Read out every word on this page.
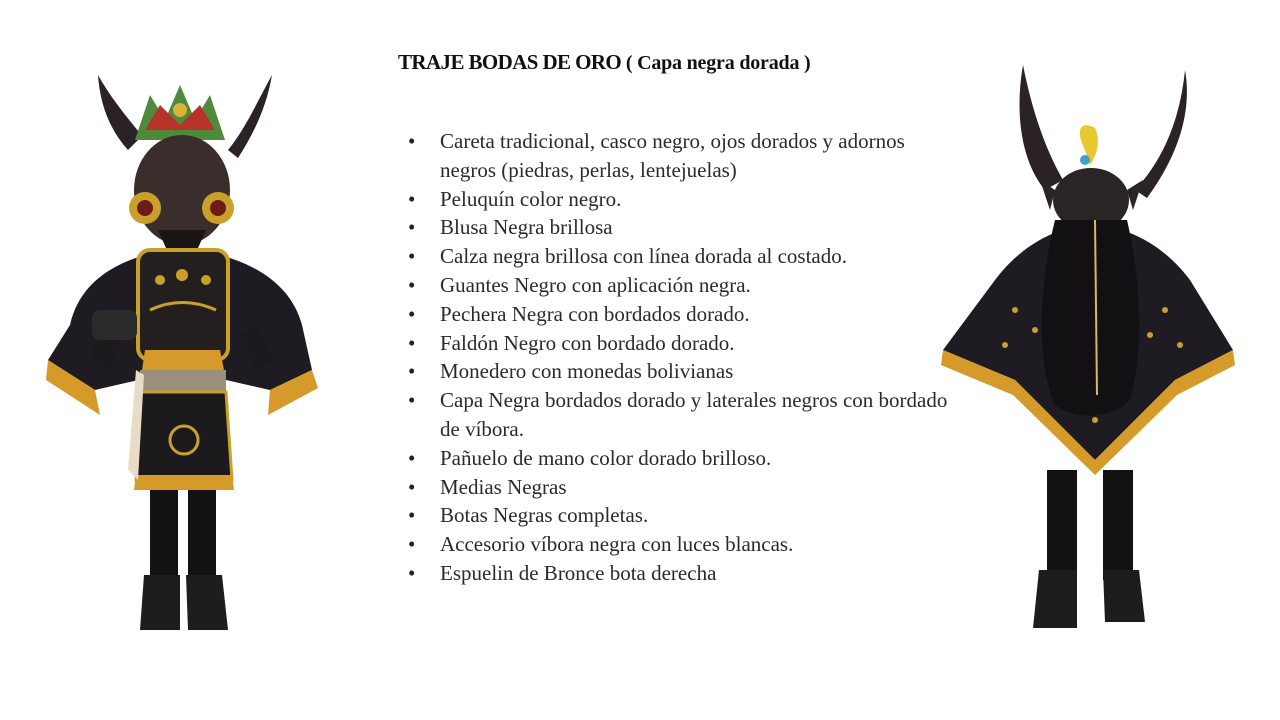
TRAJE BODAS DE ORO ( Capa negra dorada )
• Careta tradicional, casco negro, ojos dorados y adornos negros (piedras, perlas, lentejuelas)
• Peluquín color negro.
• Blusa Negra brillosa
• Calza negra brillosa con línea dorada al costado.
• Guantes Negro con aplicación negra.
• Pechera Negra con bordados dorado.
• Faldón Negro con bordado dorado.
• Monedero con monedas bolivianas
• Capa Negra bordados dorado y laterales negros con bordado de víbora.
• Pañuelo de mano color dorado brilloso.
• Medias Negras
• Botas Negras completas.
• Accesorio víbora negra con luces blancas.
• Espuelin de Bronce bota derecha
